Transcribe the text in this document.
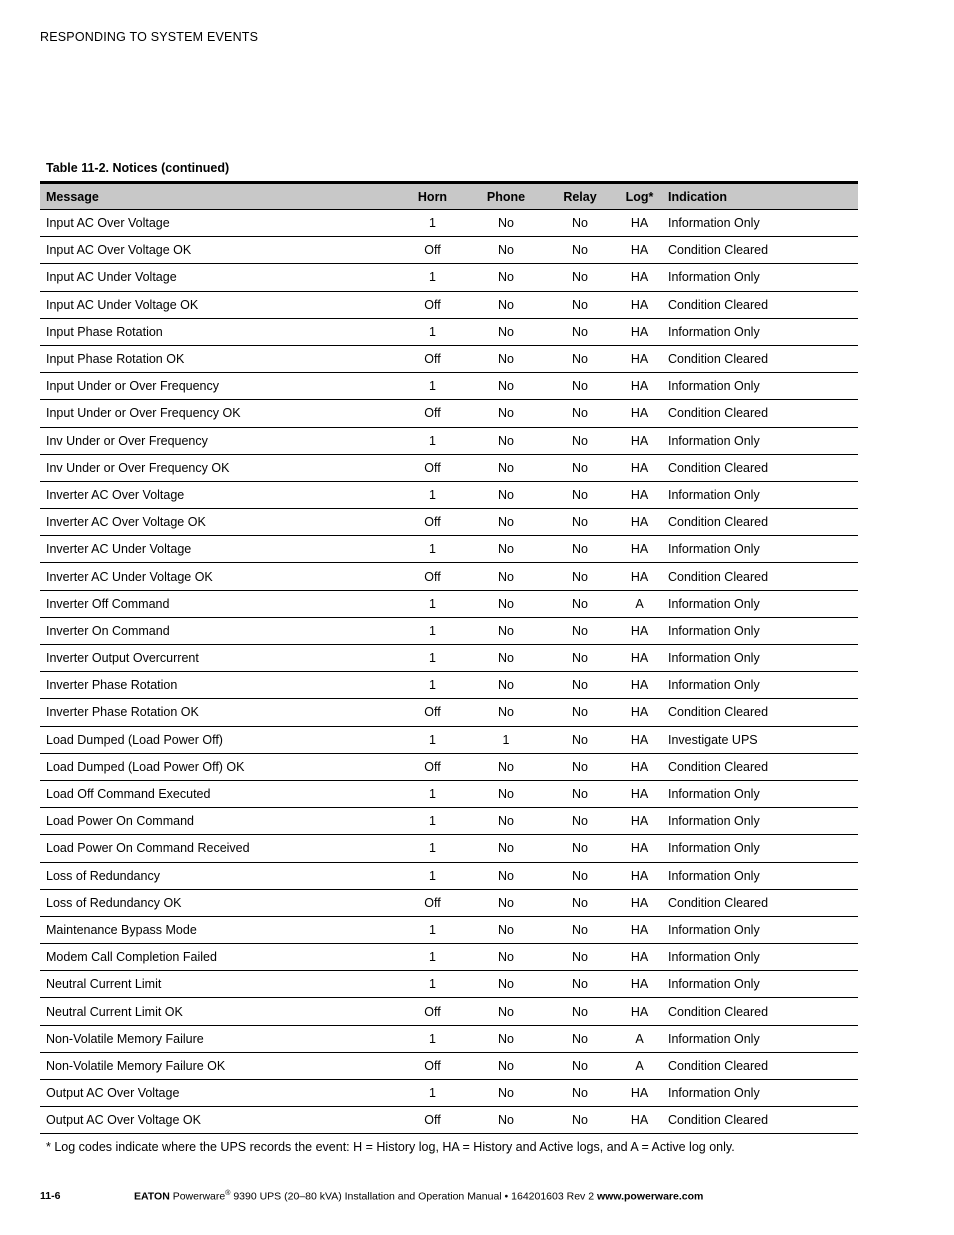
RESPONDING TO SYSTEM EVENTS
Table 11-2. Notices (continued)
Message	Horn	Phone	Relay	Log*	Indication
Input AC Over Voltage	1	No	No	HA	Information Only
Input AC Over Voltage OK	Off	No	No	HA	Condition Cleared
Input AC Under Voltage	1	No	No	HA	Information Only
Input AC Under Voltage OK	Off	No	No	HA	Condition Cleared
Input Phase Rotation	1	No	No	HA	Information Only
Input Phase Rotation OK	Off	No	No	HA	Condition Cleared
Input Under or Over Frequency	1	No	No	HA	Information Only
Input Under or Over Frequency OK	Off	No	No	HA	Condition Cleared
Inv Under or Over Frequency	1	No	No	HA	Information Only
Inv Under or Over Frequency OK	Off	No	No	HA	Condition Cleared
Inverter AC Over Voltage	1	No	No	HA	Information Only
Inverter AC Over Voltage OK	Off	No	No	HA	Condition Cleared
Inverter AC Under Voltage	1	No	No	HA	Information Only
Inverter AC Under Voltage OK	Off	No	No	HA	Condition Cleared
Inverter Off Command	1	No	No	A	Information Only
Inverter On Command	1	No	No	HA	Information Only
Inverter Output Overcurrent	1	No	No	HA	Information Only
Inverter Phase Rotation	1	No	No	HA	Information Only
Inverter Phase Rotation OK	Off	No	No	HA	Condition Cleared
Load Dumped (Load Power Off)	1	1	No	HA	Investigate UPS
Load Dumped (Load Power Off) OK	Off	No	No	HA	Condition Cleared
Load Off Command Executed	1	No	No	HA	Information Only
Load Power On Command	1	No	No	HA	Information Only
Load Power On Command Received	1	No	No	HA	Information Only
Loss of Redundancy	1	No	No	HA	Information Only
Loss of Redundancy OK	Off	No	No	HA	Condition Cleared
Maintenance Bypass Mode	1	No	No	HA	Information Only
Modem Call Completion Failed	1	No	No	HA	Information Only
Neutral Current Limit	1	No	No	HA	Information Only
Neutral Current Limit OK	Off	No	No	HA	Condition Cleared
Non-Volatile Memory Failure	1	No	No	A	Information Only
Non-Volatile Memory Failure OK	Off	No	No	A	Condition Cleared
Output AC Over Voltage	1	No	No	HA	Information Only
Output AC Over Voltage OK	Off	No	No	HA	Condition Cleared
* Log codes indicate where the UPS records the event: H = History log, HA = History and Active logs, and A = Active log only.
11-6	EATON Powerware® 9390 UPS (20–80 kVA) Installation and Operation Manual • 164201603 Rev 2 www.powerware.com
